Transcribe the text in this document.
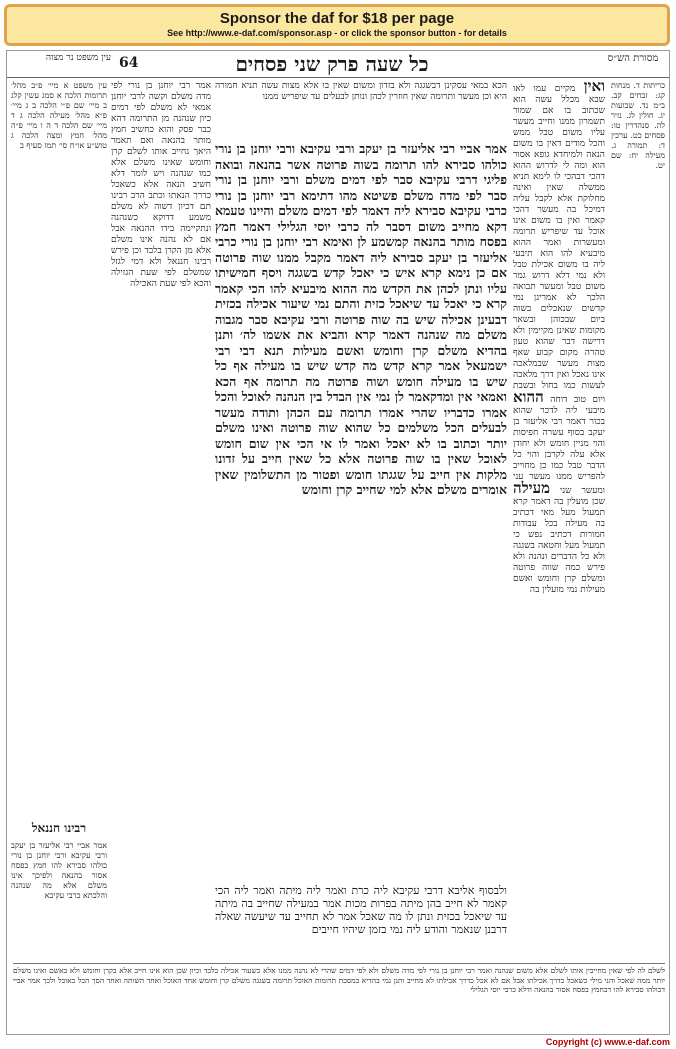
Sponsor the daf for $18 per page
See http://www.e-daf.com/sponsor.asp - or click the sponsor button - for details
עין משפט נר מצוה 64	כל שעה פרק שני פסחים	מסורת הש״ס
כריתות ד. מנחות קג: זבחים קב. ב״מ נד. שבועות יג. חולין לג. נזיר לה. סנהדרין טו: פסחים כט. ערכין ד: תמורה ג. מעילה יח: שם יט.
ואין מקיים עמו לאו שבא מכלל עשה הוא שכתוב בו אם שמור תשמרון ממנו וחייב מעשר עליו משום טבל ממש והכל מודים דאין בו משום הנאה ולמיחדא גופא אסור הוא ומה לי לדרוש ההוא דהכי דבהכי לו לימא תניא ממשלה שאין ואינה מחלוקת אלא לקבל עליה דמיכל בה מעשר דהכי קאמר ואין בו משום אינו אוכל עד שיפריש תרומה ומעשרות ואמר ההוא מיבעיא להו הוא תיבעי ליה בו משום אכילת טבל ולא נמי דלא דרוש גמר משום טבל ומעשר תבואה הלכך לא אמרינן נמי קדשים שנאכלים בשוה ביום שבכוהן ובשאר מקומות שאינן מקיימין ולא דרישה דבר שהוא טעון טהרה מקום קבוע שאף מצות מעשר שבמלאכה אינו נאכל ואין דרך מלאכה לעשות כמו בחול ובשבת ויום טוב דוחה ההוא מיבעי ליה לדכר שהוא בכור דאמר רבי אליעזר בן יעקב בסוף עשרה חפיסות והוי מניין חומש ולא יחודן אלא עלה לקרבן והוי כל הדבר טבל כמו כן מחוייב להפריש ממנו מעשר עני ומעשר שני מעילה שכן מועלין בה דאמר קרא תמעול מעל מאי דכתיב בה מעילה בכל עבודות חמורות דכתיב נפש כי תמעול מעל וחטאה בשגגה ולא כל הדברים ונהנה ולא פירש כמה שווה פרוטה ומשלם קרן וחומש ואשם מעילות נמי מועלין בה
הכא במאי עסקינן דבשגגה ולא בזדון ומשום שאין בו אלא מצות עשה תניא חמורה היא וכן מעשר ותרומה שאין חוזרין לכהן ונותן לבעלים עד שיפריש ממנו
אמר אביי רבי אליעזר בן יעקב ורבי עקיבא ורבי יוחנן בן נורי כולהו סבירא להו תרומה בשוה פרוטה אשר בהנאה ובואה פליגי דרבי עקיבא סבר לפי דמים משלם ורבי יוחנן בן נורי סבר לפי מדה משלם פשיטא מהו דתימא רבי יוחנן בן נורי כרבי עקיבא סבירא ליה דאמר לפי דמים משלם והיינו טעמא דקא מחייב משום דסבר לה כרבי יוסי הגלילי דאמר חמץ בפסח מותר בהנאה קמשמע לן ואימא רבי יוחנן בן נורי כרבי אליעזר בן יעקב סבירא ליה דאמר מקבל ממנו שוה פרוטה אם כן נימא קרא איש כי יאכל קדש בשגגה ויסף חמישיתו עליו ונתן לכהן את הקדש מה ההוא מיבעיא להו הכי קאמר קרא כי יאכל עד שיאכל כזית והתם נמי שיעור אכילה בכזית דבעינן אכילה שיש בה שוה פרוטה ורבי עקיבא סבר מגבוה משלם מה שנהנה דאמר קרא והביא את אשמו לה׳ ותנן בהדיא משלם קרן וחומש ואשם מעילות תנא דבי רבי ישמעאל אמר קרא קדש מה קדש שיש בו מעילה אף כל שיש בו מעילה חומש ושוה פרוטה מה תרומה אף הכא ואמאי אין ומדקאמר לן נמי אין הבדל בין הנהנה לאוכל והכל אמרו כדבריו שהרי אמרו תרומה עם הכהן ותודה מעשר לבעלים הכל משלמים כל שהוא שוה פרוטה ואינו משלם יותר וכתוב בו לא יאכל ואמר לו אי הכי אין שום חומש לאוכל שאין בו שוה פרוטה אלא כל שאין חייב על זדונו מלקות אין חייב על שגגתו חומש ופטור מן התשלומין שאין אומרים משלם אלא למי שחייב קרן וחומש
ולבסוף אליבא דרבי עקיבא ליה כרת ואמר ליה מיתה ואמר ליה הכי קאמר לא חייב בהן מיתה בפרות מכות אמר במעילה שחייב בה מיתה עד שיאכל בכזית ונתן לו מה שאכל אמר לא תחייב עד שיעשה שאלה דרבנן שנאמר והודע ליה נמי בזמן שיהיו חייבים
אמר רבי יוחנן בן נורי לפי מדה משלם וקשה לרבי יוחנן אמאי לא משלם לפי דמים כיון שנהנה מן התרומה דהא כבר פסק והוא כחשיב חמץ מותר בהנאה ואם תאמר היאך נחייב אותו לשלם קרן וחומש שאינו משלם אלא כמו שנהנה ויש לומר דלא חשיב הנאה אלא כשאכל כדרך הנאתו וכתב הרב רבינו תם דכיון דשוה לא משלם משמע דדוקא כשנהנה ונתקיימה בידו ההנאה אבל אם לא נהנה אינו משלם אלא מן הקרן בלבד וכן פירש רבינו חננאל ולא דמי לגזל שמשלם לפי שעת הגזילה והכא לפי שעת האכילה
עין משפט א מיי׳ פ״ב מהל׳ תרומות הלכה א סמג עשין קלג ב מיי׳ שם פ״י הלכה ב ג מיי׳ פ״א מהל׳ מעילה הלכה ג ד מיי׳ שם הלכה ד ה ו מיי׳ פ״ה מהל׳ חמץ ומצה הלכה ג טוש״ע או״ח סי׳ תמז סעיף ב
רבינו חננאל
אמר אביי רבי אליעזר בן יעקב ורבי עקיבא ורבי יוחנן בן נורי כולהו סבירא להו חמץ בפסח אסור בהנאה ולפיכך אינו משלם אלא מה שנהנה והלכתא כרבי עקיבא
לשלם לה לפי שאין מחייבין אותו לשלם אלא משום שנהנה ואמר רבי יוחנן בן נורי לפי מדה משלם ולא לפי דמים שהרי לא נהנה ממנו אלא כשעור אכילה בלבד וכיון שכן הוא אינו חייב אלא בקרן וחומש ולא באשם ואינו משלם יותר ממה שאכל והני מילי כשאכל כדרך אכילתו אבל אם לא אכל כדרך אכילתו לא מחייב ותנן נמי בהדיא במסכת תרומות האוכל תרומה בשגגה משלם קרן וחומש אחד האוכל ואחד השותה ואחד הסך הכל כאוכל ולכך אמר אביי דכולהו סבירא להו דבחמץ בפסח אסור בהנאה ודלא כרבי יוסי הגלילי
Copyright (c) www.e-daf.com
